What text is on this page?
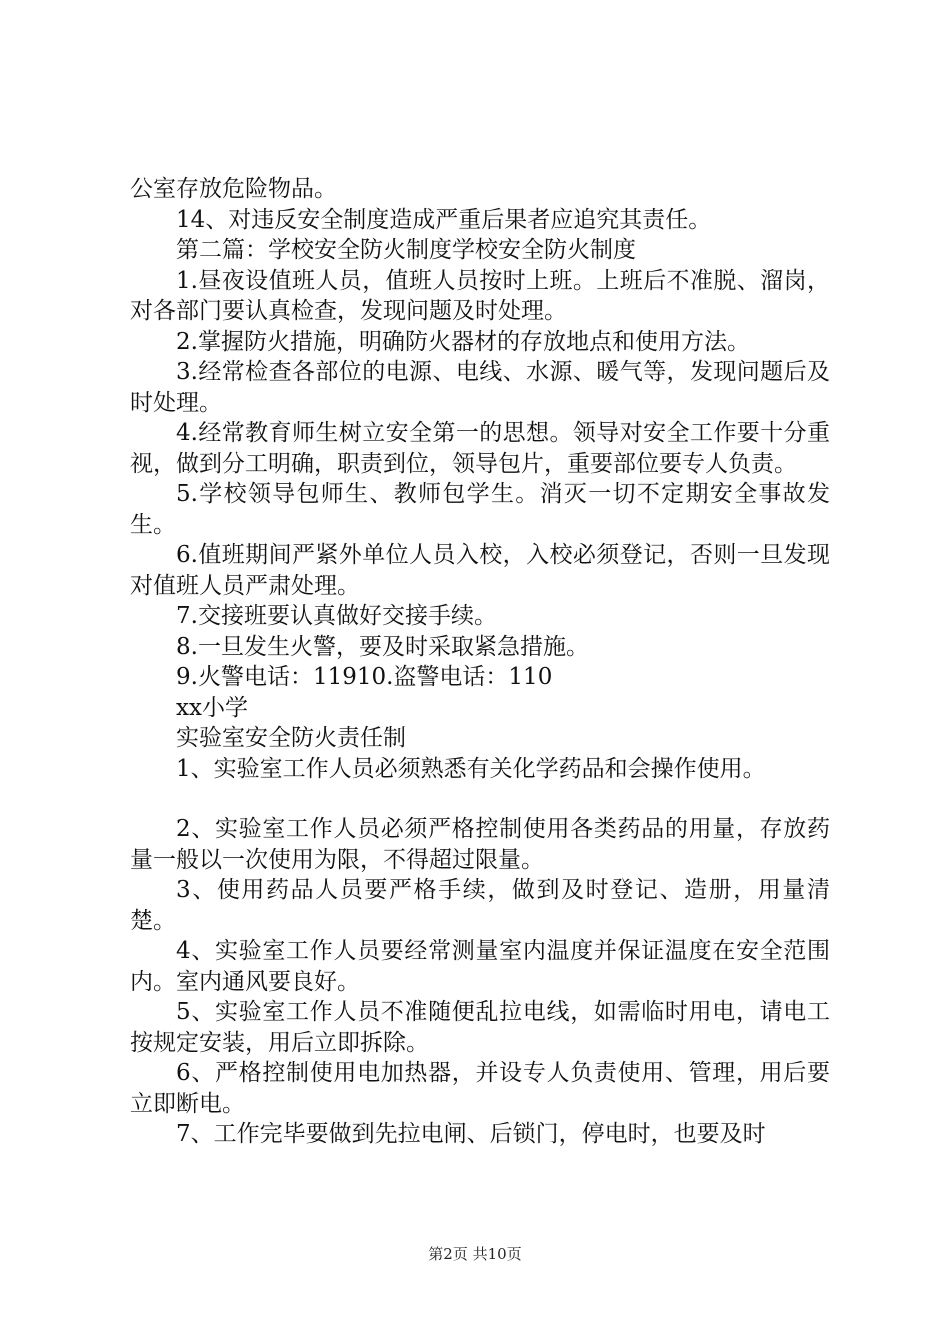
公室存放危险物品。

14、对违反安全制度造成严重后果者应追究其责任。

第二篇：学校安全防火制度学校安全防火制度

1.昼夜设值班人员，值班人员按时上班。上班后不准脱、溜岗，对各部门要认真检查，发现问题及时处理。

2.掌握防火措施，明确防火器材的存放地点和使用方法。

3.经常检查各部位的电源、电线、水源、暖气等，发现问题后及时处理。

4.经常教育师生树立安全第一的思想。领导对安全工作要十分重视，做到分工明确，职责到位，领导包片，重要部位要专人负责。

5.学校领导包师生、教师包学生。消灭一切不定期安全事故发生。

6.值班期间严紧外单位人员入校，入校必须登记，否则一旦发现对值班人员严肃处理。

7.交接班要认真做好交接手续。

8.一旦发生火警，要及时采取紧急措施。

9.火警电话：11910.盗警电话：110

xx小学

实验室安全防火责任制

1、实验室工作人员必须熟悉有关化学药品和会操作使用。

2、实验室工作人员必须严格控制使用各类药品的用量，存放药量一般以一次使用为限，不得超过限量。

3、使用药品人员要严格手续，做到及时登记、造册，用量清楚。

4、实验室工作人员要经常测量室内温度并保证温度在安全范围内。室内通风要良好。

5、实验室工作人员不准随便乱拉电线，如需临时用电，请电工按规定安装，用后立即拆除。

6、严格控制使用电加热器，并设专人负责使用、管理，用后要立即断电。

7、工作完毕要做到先拉电闸、后锁门，停电时，也要及时

第2页 共10页
